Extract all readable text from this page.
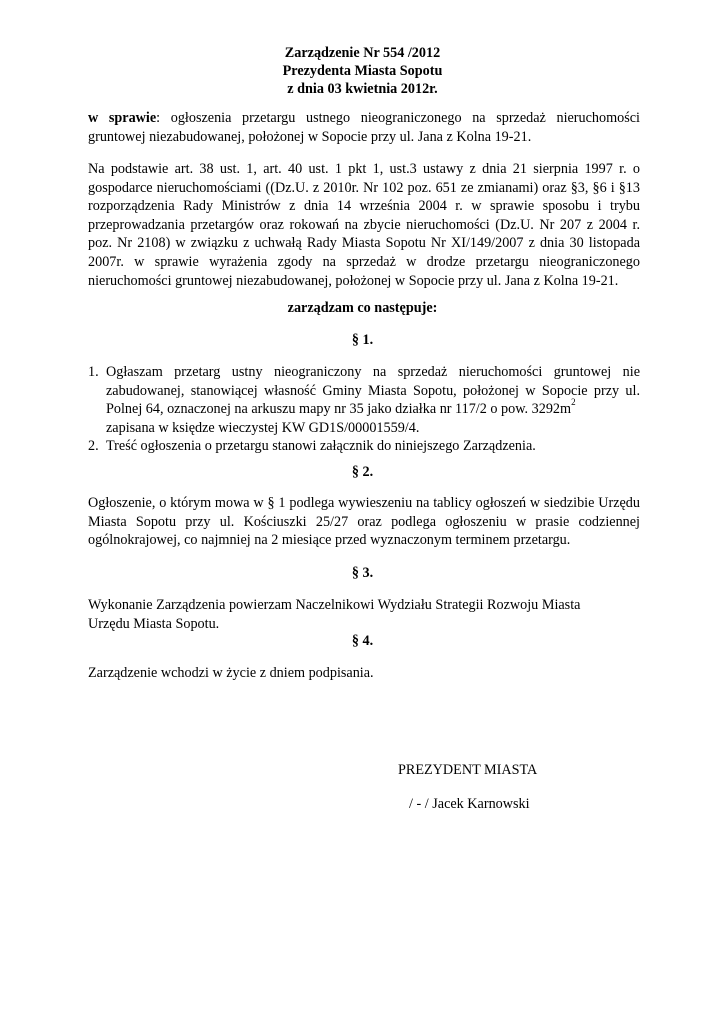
Zarządzenie Nr 554 /2012
Prezydenta Miasta Sopotu
z dnia 03 kwietnia 2012r.

w sprawie: ogłoszenia przetargu ustnego nieograniczonego na sprzedaż nieruchomości gruntowej niezabudowanej, położonej w Sopocie przy ul. Jana z Kolna 19-21.

Na podstawie art. 38 ust. 1, art. 40 ust. 1 pkt 1, ust.3 ustawy z dnia 21 sierpnia 1997 r. o gospodarce nieruchomościami ((Dz.U. z 2010r. Nr 102 poz. 651 ze zmianami) oraz §3, §6 i §13 rozporządzenia Rady Ministrów z dnia 14 września 2004 r. w sprawie sposobu i trybu przeprowadzania przetargów oraz rokowań na zbycie nieruchomości (Dz.U. Nr 207 z 2004 r. poz. Nr 2108) w związku z uchwałą Rady Miasta Sopotu Nr XI/149/2007 z dnia 30 listopada 2007r. w sprawie wyrażenia zgody na sprzedaż w drodze przetargu nieograniczonego nieruchomości gruntowej niezabudowanej, położonej w Sopocie przy ul. Jana z Kolna 19-21.

zarządzam co następuje:
§ 1.
1. Ogłaszam przetarg ustny nieograniczony na sprzedaż nieruchomości gruntowej nie zabudowanej, stanowiącej własność Gminy Miasta Sopotu, położonej w Sopocie przy ul. Polnej 64, oznaczonej na arkuszu mapy nr 35 jako działka nr 117/2 o pow. $3292m^2$
zapisana w księdze wieczystej KW GD1S/00001559/4.
2. Treść ogłoszenia o przetargu stanowi załącznik do niniejszego Zarządzenia.
§ 2.

Ogłoszenie, o którym mowa w § 1 podlega wywieszeniu na tablicy ogłoszeń w siedzibie Urzędu Miasta Sopotu przy ul. Kościuszki 25/27 oraz podlega ogłoszeniu w prasie codziennej ogólnokrajowej, co najmniej na 2 miesiące przed wyznaczonym terminem przetargu.

§ 3.

Wykonanie Zarządzenia powierzam Naczelnikowi Wydziału Strategii Rozwoju Miasta

Urzędu Miasta Sopotu.

§ 4.

Zarządzenie wchodzi w życie z dniem podpisania.

PREZYDENT MIASTA
/ - / Jacek Karnowski
